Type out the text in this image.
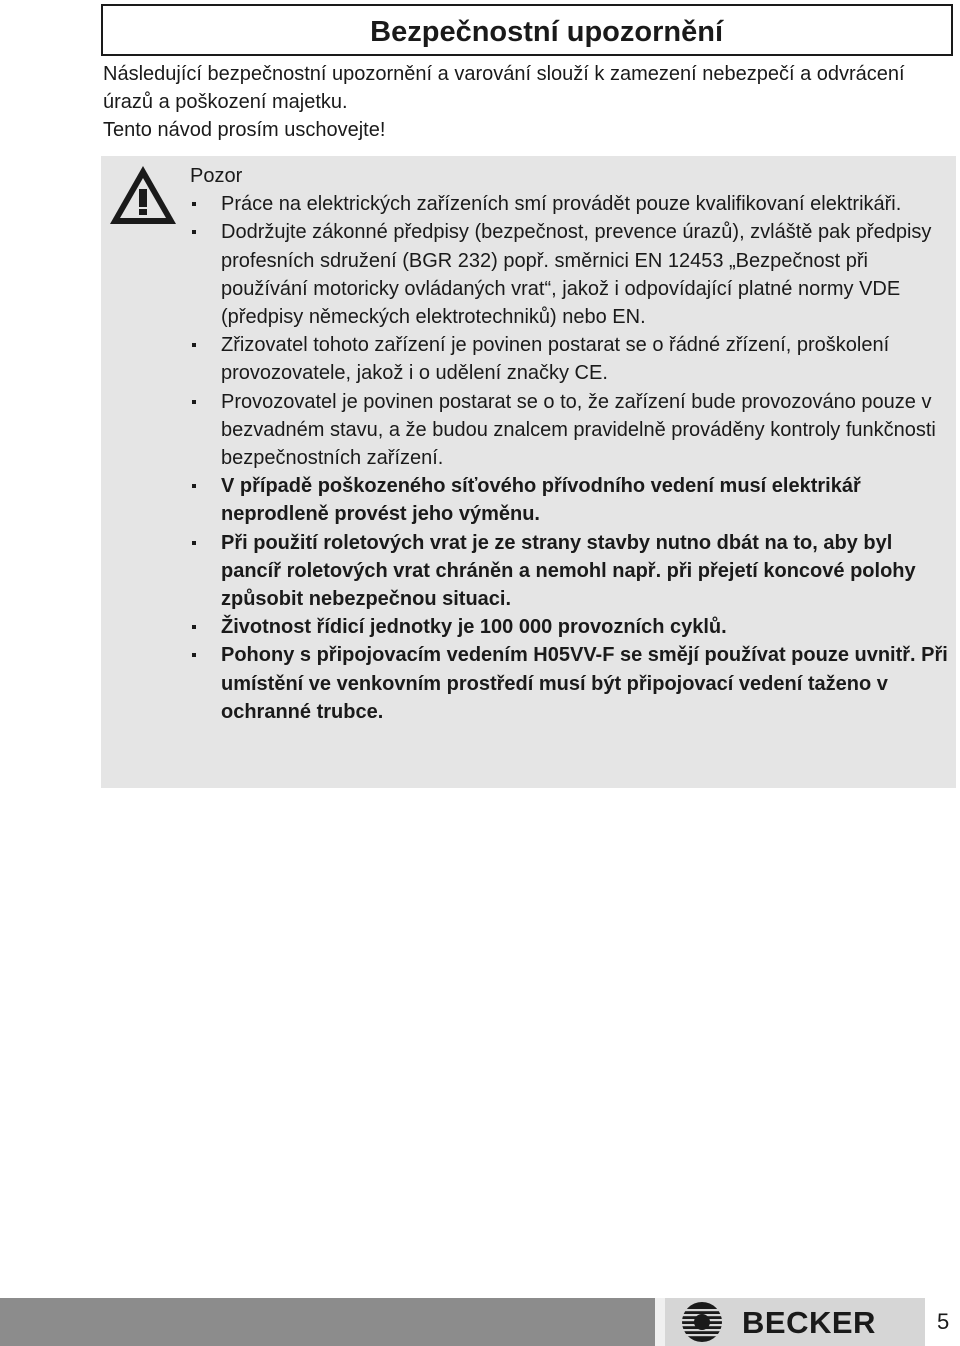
Bezpečnostní upozornění

Následující bezpečnostní upozornění a varování slouží k zamezení nebezpečí a odvrácení úrazů a poškození majetku.

Tento návod prosím uschovejte!

Pozor

Práce na elektrických zařízeních smí provádět pouze kvalifikovaní elektrikáři.
Dodržujte zákonné předpisy (bezpečnost, prevence úrazů), zvláště pak předpisy profesních sdružení (BGR 232) popř. směrnici EN 12453 „Bezpečnost při používání motoricky ovládaných vrat“, jakož i odpovídající platné normy VDE (předpisy německých elektrotechniků) nebo EN.
Zřizovatel tohoto zařízení je povinen postarat se o řádné zřízení, proškolení provozovatele, jakož i o udělení značky CE.
Provozovatel je povinen postarat se o to, že zařízení bude provozováno pouze v bezvadném stavu, a že budou znalcem pravidelně prováděny kontroly funkčnosti bezpečnostních zařízení.
V případě poškozeného síťového přívodního vedení musí elektrikář neprodleně provést jeho výměnu.
Při použití roletových vrat je ze strany stavby nutno dbát na to, aby byl pancíř roletových vrat chráněn a nemohl např. při přejetí koncové polohy způsobit nebezpečnou situaci.
Životnost řídicí jednotky je 100 000 provozních cyklů.
Pohony s připojovacím vedením H05VV-F se smějí používat pouze uvnitř. Při umístění ve venkovním prostředí musí být připojovací vedení taženo v ochranné trubce.
BECKER	5
